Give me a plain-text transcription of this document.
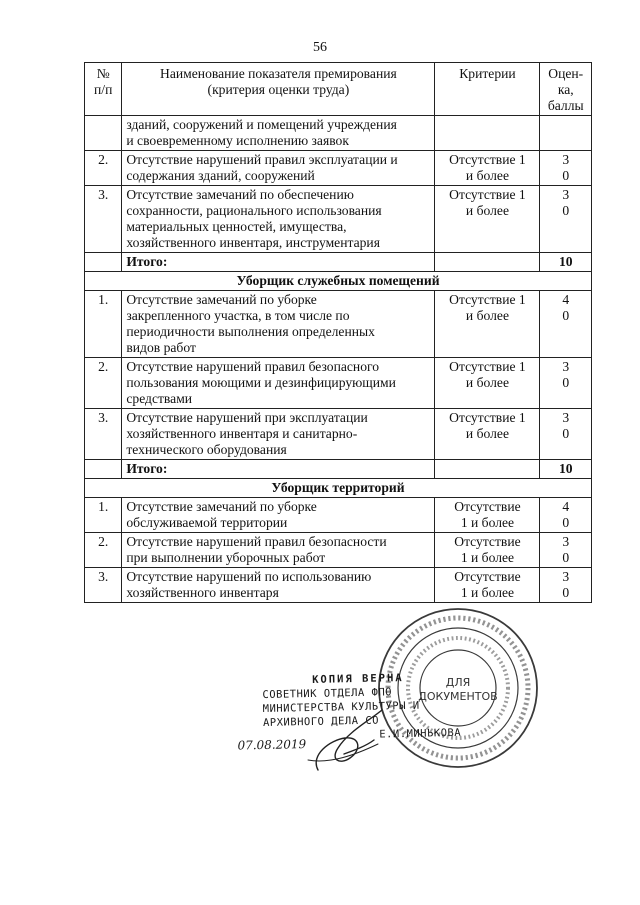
56
№
п/п	Наименование показателя премирования
(критерия оценки труда)	Критерии	Оцен-
ка,
баллы

	зданий, сооружений и помещений учреждения
и своевременному исполнению заявок		

2.	Отсутствие нарушений правил эксплуатации и
содержания зданий, сооружений	Отсутствие 1
и более	3
0

3.	Отсутствие замечаний по обеспечению
сохранности, рационального использования
материальных ценностей, имущества,
хозяйственного инвентаря, инструментария	Отсутствие 1
и более	3
0

	Итого:		10
Уборщик служебных помещений			
1.	Отсутствие замечаний по уборке
закрепленного участка, в том числе по
периодичности выполнения определенных
видов работ	Отсутствие 1
и более	4
0

2.	Отсутствие нарушений правил безопасного
пользования моющими и дезинфицирующими
средствами	Отсутствие 1
и более	3
0

3.	Отсутствие нарушений при эксплуатации
хозяйственного инвентаря и санитарно-
технического оборудования	Отсутствие 1
и более	3
0

	Итого:		10
Уборщик территорий			
1.	Отсутствие замечаний по уборке
обслуживаемой территории	Отсутствие
1 и более	4
0

2.	Отсутствие нарушений правил безопасности
при выполнении уборочных работ	Отсутствие
1 и более	3
0

3.	Отсутствие нарушений по использованию
хозяйственного инвентаря	Отсутствие
1 и более	3
0
ДЛЯ
ДОКУМЕНТОВ
КОПИЯ ВЕРНА
СОВЕТНИК ОТДЕЛА ФПО
МИНИСТЕРСТВА КУЛЬТУРЫ И
АРХИВНОГО ДЕЛА СО
Е.И.МИНЬКОВА
07.08.2019
